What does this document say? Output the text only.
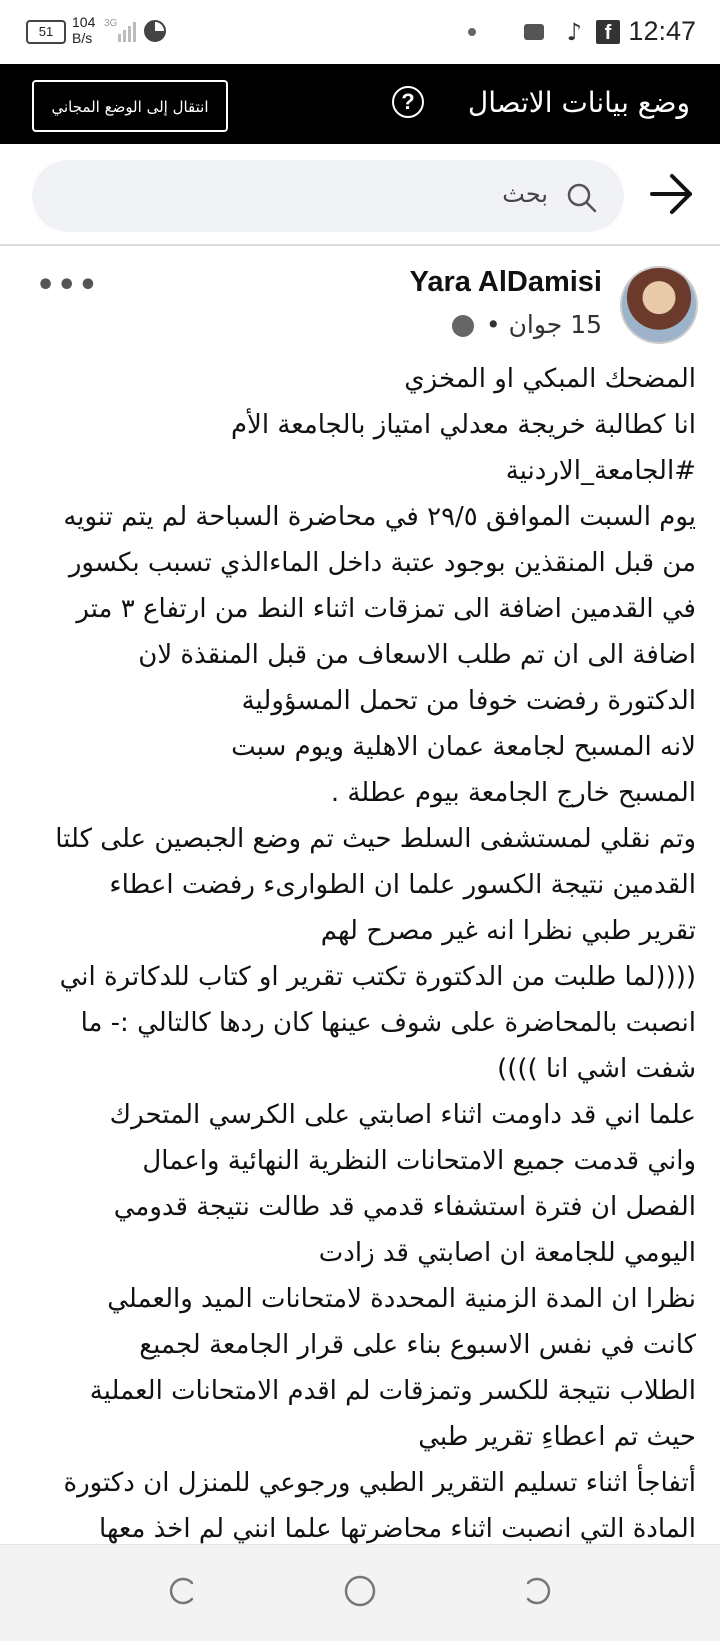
51
104
B/s
3G	♪	f 12:47
وضع بيانات الاتصال
?
انتقال إلى الوضع المجاني
بحث
Yara AlDamisi
15 جوان •
•••
المضحك المبكي او المخزي
انا كطالبة خريجة معدلي امتياز بالجامعة الأم
#الجامعة_الاردنية
يوم السبت الموافق ٢٩/٥ في محاضرة السباحة لم يتم تنويه
من قبل المنقذين بوجود عتبة داخل الماءالذي تسبب بكسور
في القدمين اضافة الى تمزقات اثناء النط من ارتفاع ٣ متر
اضافة الى ان تم طلب الاسعاف من قبل المنقذة لان
الدكتورة رفضت خوفا من تحمل المسؤولية
لانه المسبح لجامعة عمان الاهلية ويوم سبت
المسبح خارج الجامعة بيوم عطلة .
وتم نقلي لمستشفى السلط حيث تم وضع الجبصين على كلتا
القدمين نتيجة الكسور علما ان الطوارىء رفضت اعطاء
تقرير طبي نظرا انه غير مصرح لهم
((((لما طلبت من الدكتورة تكتب تقرير او كتاب للدكاترة اني
انصبت بالمحاضرة على شوف عينها كان ردها كالتالي :- ما
شفت اشي انا ))))
علما اني قد داومت اثناء اصابتي على الكرسي المتحرك
واني قدمت جميع الامتحانات النظرية النهائية واعمال
الفصل ان فترة استشفاء قدمي قد طالت نتيجة قدومي
اليومي للجامعة ان اصابتي قد زادت
نظرا ان المدة الزمنية المحددة لامتحانات الميد والعملي
كانت في نفس الاسبوع بناء على قرار الجامعة لجميع
الطلاب نتيجة للكسر وتمزقات لم اقدم الامتحانات العملية
حيث تم اعطاءِ تقرير طبي
أتفاجأ اثناء تسليم التقرير الطبي ورجوعي للمنزل ان دكتورة
المادة التي انصبت اثناء محاضرتها علما انني لم اخذ معها
